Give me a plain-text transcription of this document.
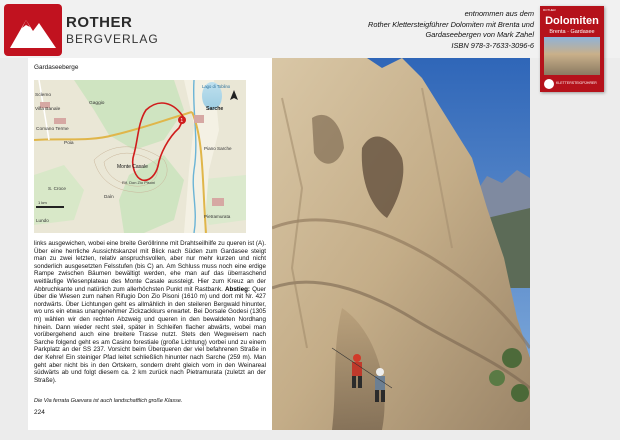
ROTHER
BERGVERLAG
entnommen aus dem
Rother Klettersteigführer Dolomiten mit Brenta und
Gardaseebergen von Mark Zahel
ISBN 978-3-7633-3096-6
ROTHER
Dolomiten
Brenta · Gardasee
KLETTERSTEIGFÜHRER
Gardaseeberge
1
Sclemo
Villa Banale
Comano Terme
Poia
Gaggio
Lago di Toblino
Sarche
Piano Sarche
Monte Casale
Rif. Don Zio Pisoni
Daìn
S. Croce
Lundo
Pietramurata
1 km
links ausgewichen, wobei eine breite Geröllrinne mit Drahtseilhilfe zu queren ist (A). Über eine herrliche Aussichtskanzel mit Blick nach Süden zum Gardasee steigt man zu zwei letzten, relativ anspruchsvollen, aber nur mehr kurzen und nicht sonderlich ausgesetzten Felsstufen (bis C) an. Am Schluss muss noch eine erdige Rampe zwischen Bäumen bewältigt werden, ehe man auf das überraschend weitläufige Wiesenplateau des Monte Casale aussteigt. Hier zum Kreuz an der Abbruchkante und natürlich zum allerhöchsten Punkt mit Rastbank. Abstieg: Quer über die Wiesen zum nahen Rifugio Don Zio Pisoni (1610 m) und dort mit Nr. 427 nordwärts. Über Lichtungen geht es allmählich in den steileren Bergwald hinunter, wo uns ein etwas unangenehmer Zickzackkurs erwartet. Bei Dorsale Godesi (1305 m) wählen wir den rechten Abzweig und queren in den bewaldeten Nordhang hinein. Dann wieder recht steil, später in Schleifen flacher abwärts, wobei man vorübergehend auch eine breitere Trasse nutzt. Stets den Wegweisern nach Sarche folgend geht es am Casino forestiale (große Lichtung) vorbei und zu einem Parkplatz an der SS 237. Vorsicht beim Überqueren der viel befahrenen Straße in der Kehre! Ein steiniger Pfad leitet schließlich hinunter nach Sarche (259 m). Man geht aber nicht bis in den Ortskern, sondern dreht gleich vorn in den Weinareal südwärts ab und folgt diesem ca. 2 km zurück nach Pietramurata (zuletzt an der Straße).
Die Via ferrata Guevara ist auch landschaftlich große Klasse.
224
